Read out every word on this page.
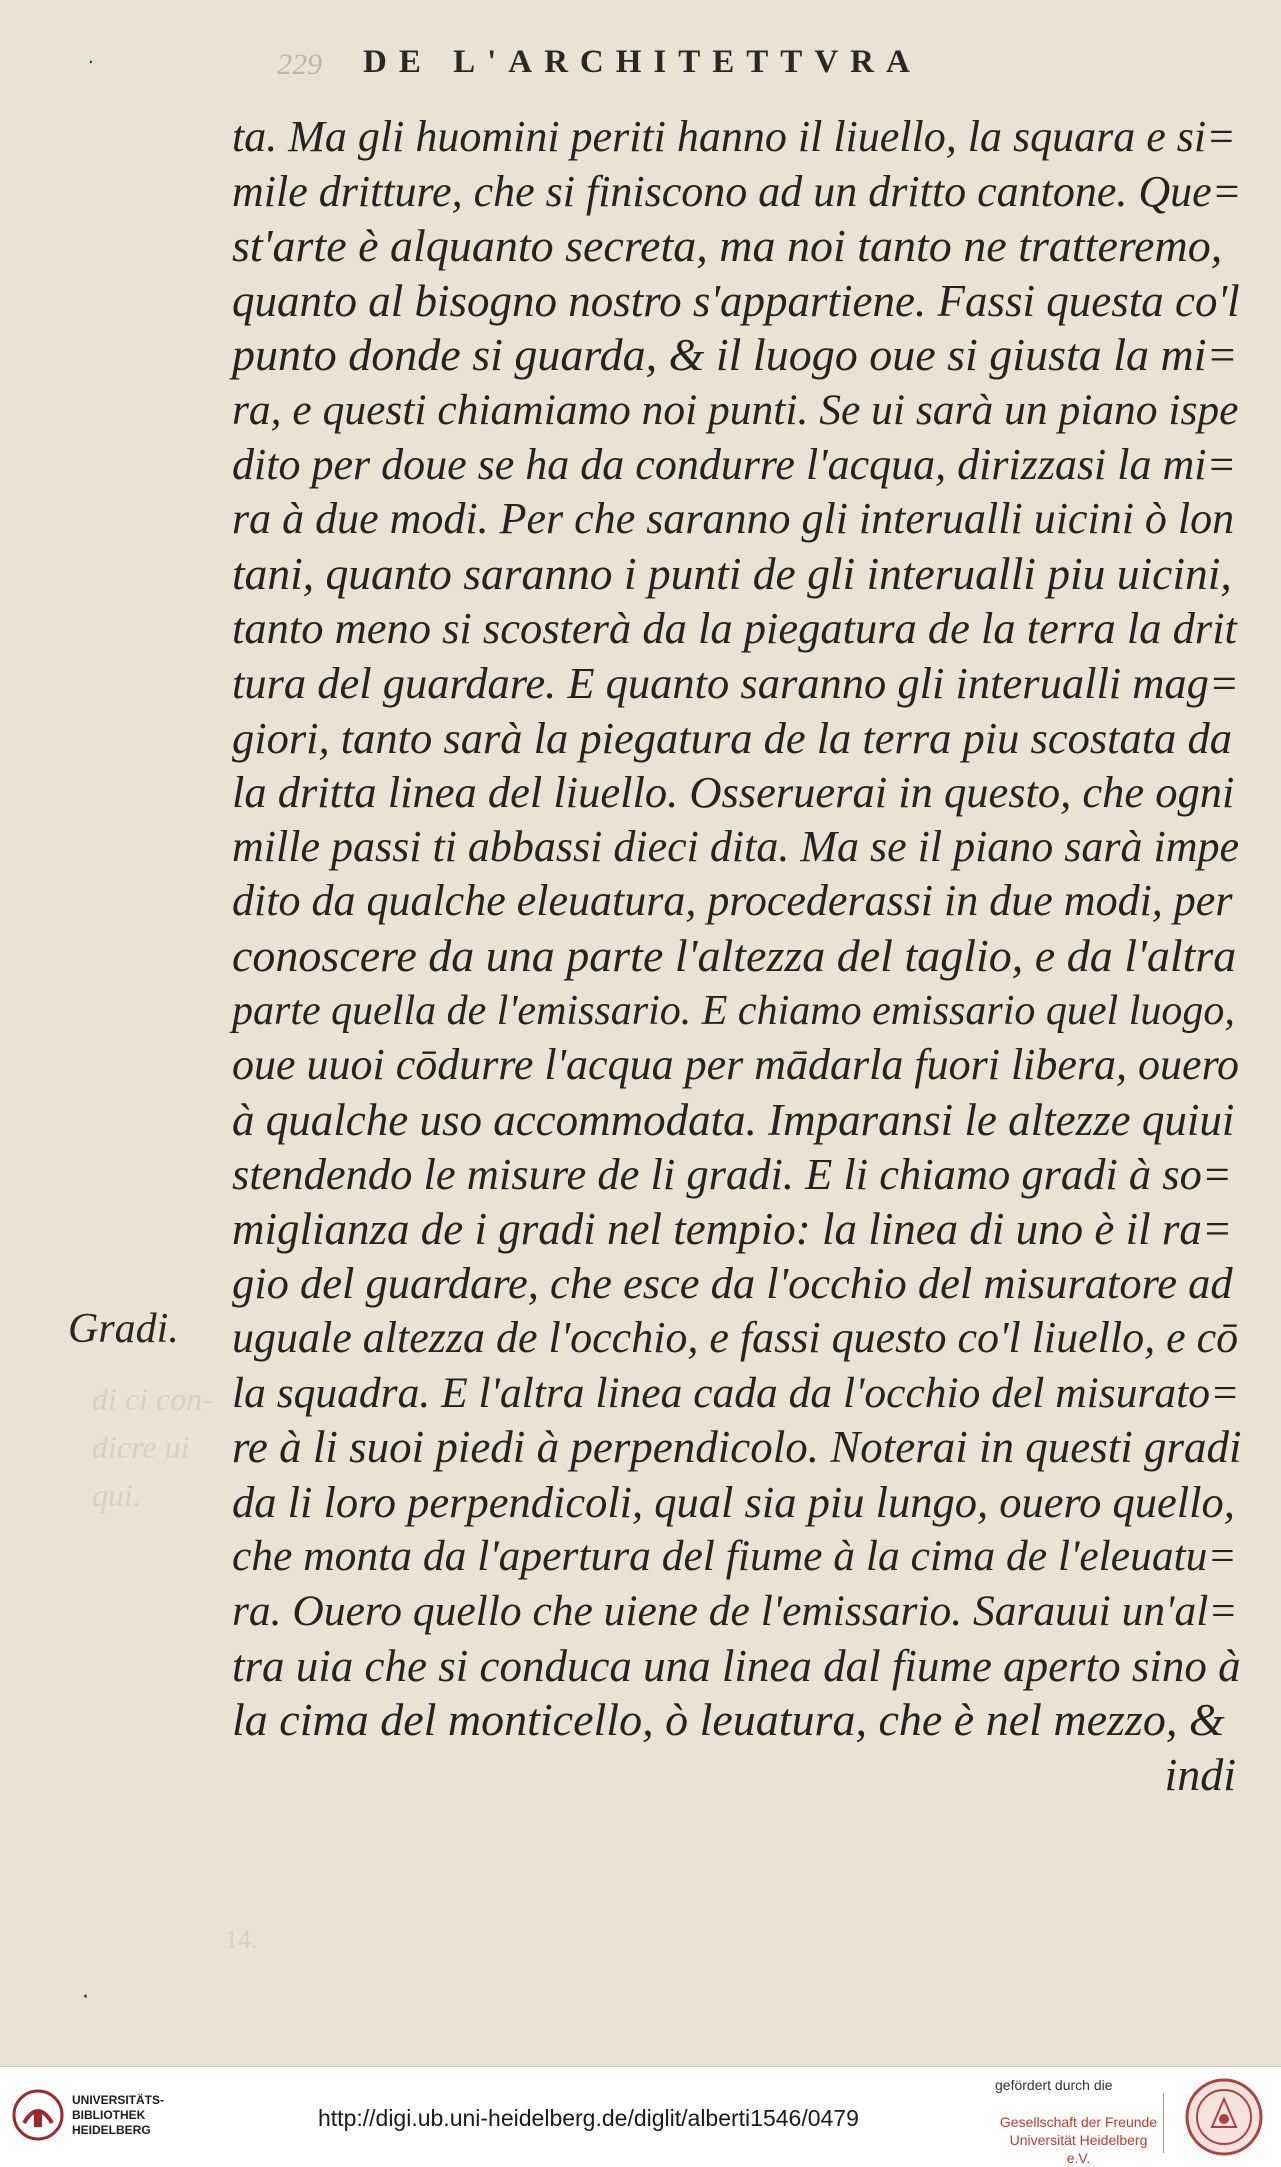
229 DE L'ARCHITETTVRA
·
Gradi.
di ci con-
dicre ui
qui.
14.
ta. Ma gli huomini periti hanno il liuello, la squara e si=
mile dritture, che si finiscono ad un dritto cantone. Que=
st'arte è alquanto secreta, ma noi tanto ne tratteremo,
quanto al bisogno nostro s'appartiene. Fassi questa co'l
punto donde si guarda, & il luogo oue si giusta la mi=
ra, e questi chiamiamo noi punti. Se ui sarà un piano ispe
dito per doue se ha da condurre l'acqua, dirizzasi la mi=
ra à due modi. Per che saranno gli interualli uicini ò lon
tani, quanto saranno i punti de gli interualli piu uicini,
tanto meno si scosterà da la piegatura de la terra la drit
tura del guardare. E quanto saranno gli interualli mag=
giori, tanto sarà la piegatura de la terra piu scostata da
la dritta linea del liuello. Osseruerai in questo, che ogni
mille passi ti abbassi dieci dita. Ma se il piano sarà impe
dito da qualche eleuatura, procederassi in due modi, per
conoscere da una parte l'altezza del taglio, e da l'altra
parte quella de l'emissario. E chiamo emissario quel luogo,
oue uuoi cōdurre l'acqua per mādarla fuori libera, ouero
à qualche uso accommodata. Imparansi le altezze quiui
stendendo le misure de li gradi. E li chiamo gradi à so=
miglianza de i gradi nel tempio: la linea di uno è il ra=
gio del guardare, che esce da l'occhio del misuratore ad
uguale altezza de l'occhio, e fassi questo co'l liuello, e cō
la squadra. E l'altra linea cada da l'occhio del misurato=
re à li suoi piedi à perpendicolo. Noterai in questi gradi
da li loro perpendicoli, qual sia piu lungo, ouero quello,
che monta da l'apertura del fiume à la cima de l'eleuatu=
ra. Ouero quello che uiene de l'emissario. Sarauui un'al=
tra uia che si conduca una linea dal fiume aperto sino à
la cima del monticello, ò leuatura, che è nel mezzo, &
indi
·
UNIVERSITÄTS-
BIBLIOTHEK
HEIDELBERG	http://digi.ub.uni-heidelberg.de/diglit/alberti1546/0479
gefördert durch die
Gesellschaft der Freunde
Universität Heidelberg e.V.
